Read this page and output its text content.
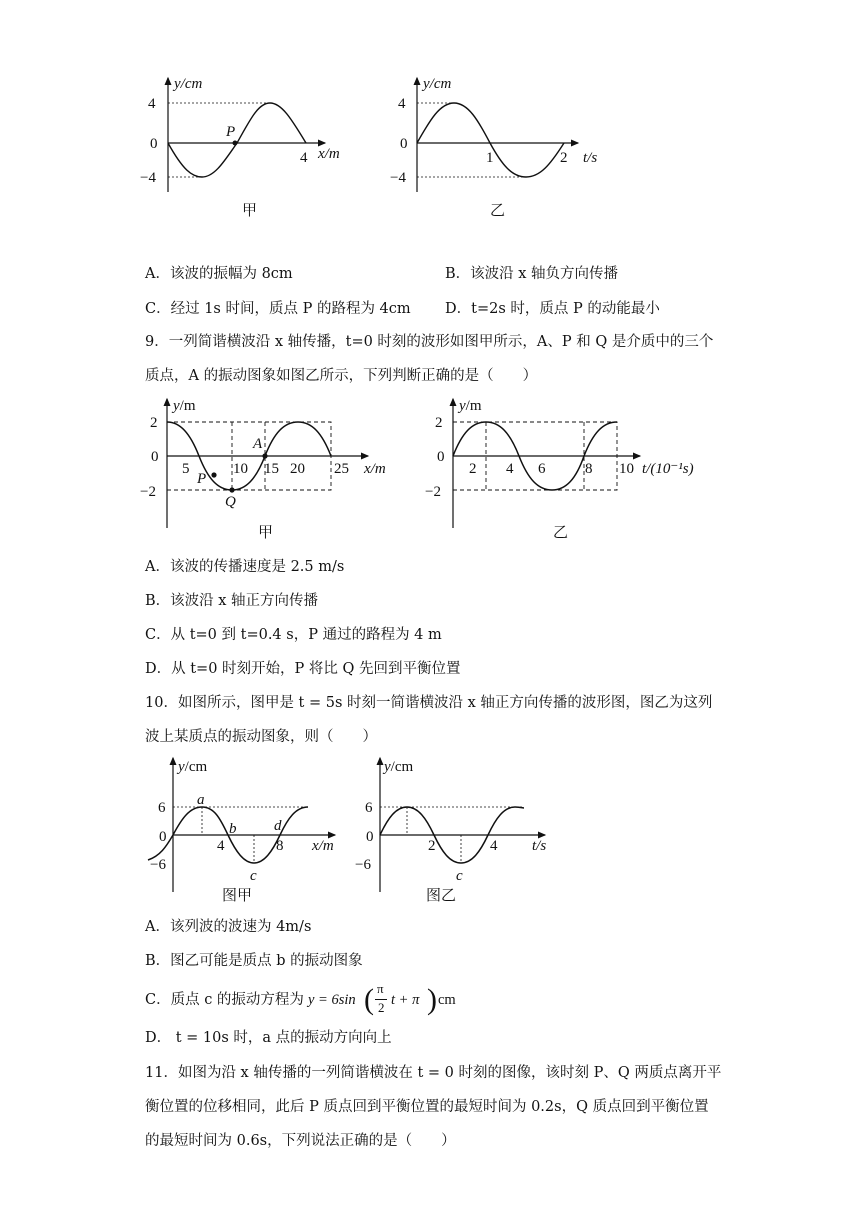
y/cm
4
0
−4
4 x/m
P
甲
y/cm
4
0
−4
1	2 t/s
乙
A．该波的振幅为 8cm	B．该波沿 x 轴负方向传播
C．经过 1s 时间，质点 P 的路程为 4cm D．t=2s 时，质点 P 的动能最小
9．一列简谐横波沿 x 轴传播，t=0 时刻的波形如图甲所示，A、P 和 Q 是介质中的三个
质点，A 的振动图象如图乙所示，下列判断正确的是（　　）
y/m
2
0
−2
5	10 15 20 25 x/m
A
P
Q
甲
y/m
2
0
−2
2 4 6	8 10 t/(10⁻¹s)
乙
A．该波的传播速度是 2.5 m/s
B．该波沿 x 轴正方向传播
C．从 t=0 到 t=0.4 s，P 通过的路程为 4 m
D．从 t=0 时刻开始，P 将比 Q 先回到平衡位置
10．如图所示，图甲是 t = 5s 时刻一简谐横波沿 x 轴正方向传播的波形图，图乙为这列
波上某质点的振动图象，则（　　）
y/cm
6
0
−6
4	8 x/m
a
b
c
d
图甲
y/cm
6
0
−6
2	4 t/s
c
图乙
A．该列波的波速为 4m/s
B．图乙可能是质点 b 的振动图象
C．质点 c 的振动方程为 y = 6sin ( π
2 t + π ) cm
D． t = 10s 时，a 点的振动方向向上
11．如图为沿 x 轴传播的一列简谐横波在 t = 0 时刻的图像，该时刻 P、Q 两质点离开平
衡位置的位移相同，此后 P 质点回到平衡位置的最短时间为 0.2s，Q 质点回到平衡位置
的最短时间为 0.6s，下列说法正确的是（　　）
